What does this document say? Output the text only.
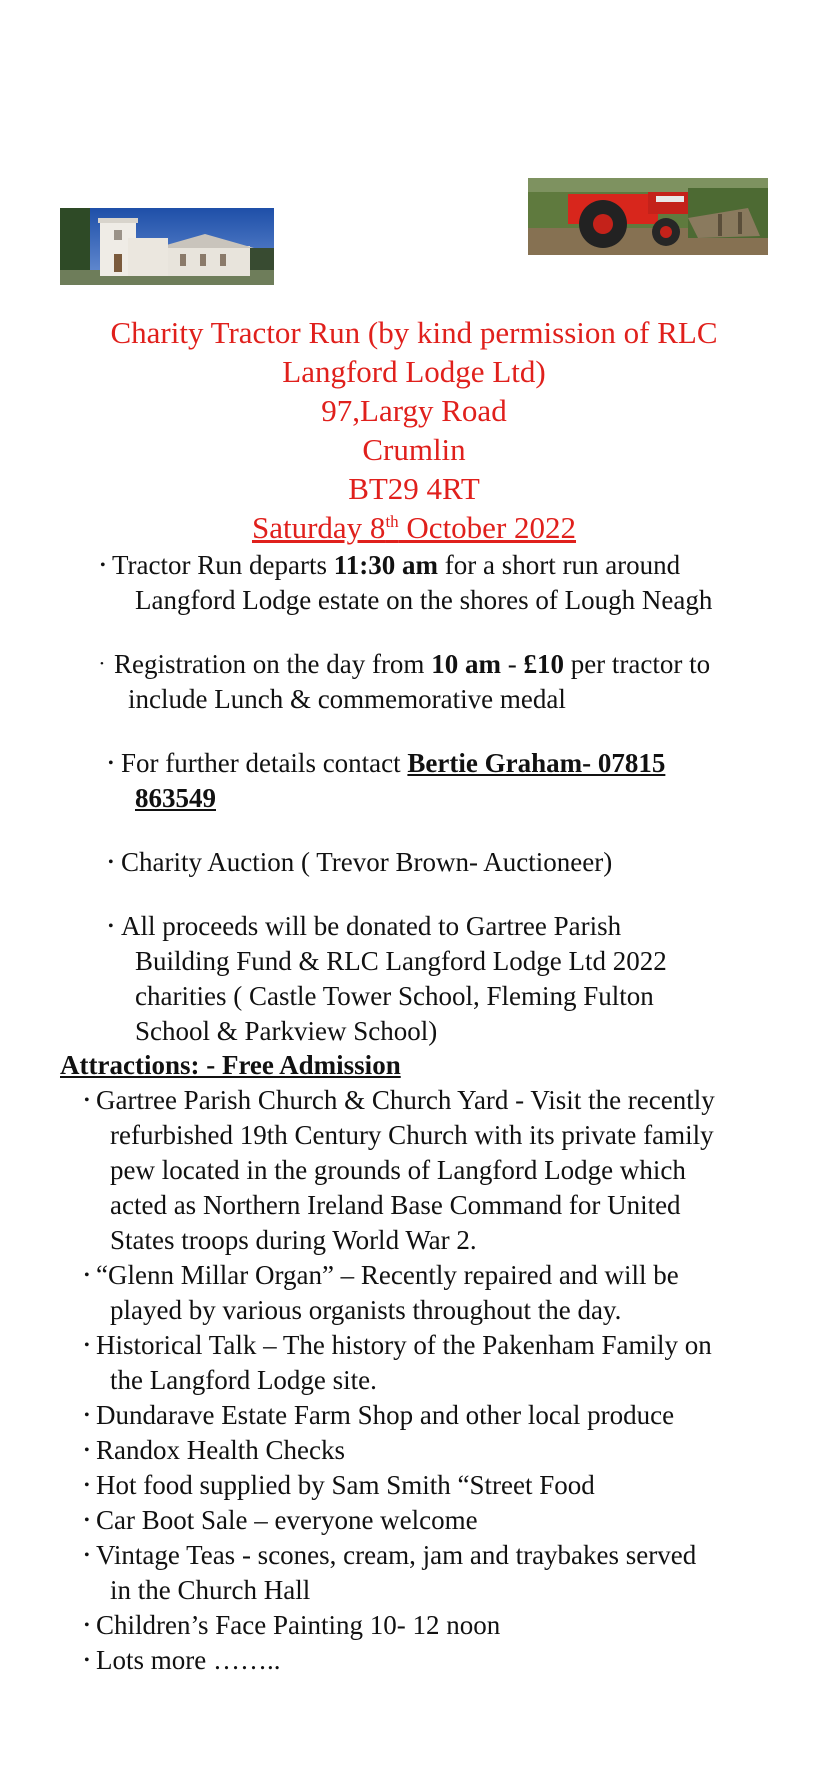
Charity Tractor Run (by kind permission of RLC
Langford Lodge Ltd)
97,Largy Road
Crumlin
BT29 4RT
Saturday 8th October 2022
• Tractor Run departs 11:30 am for a short run around
Langford Lodge estate on the shores of Lough Neagh
• Registration on the day from 10 am - £10 per tractor to
include Lunch & commemorative medal
• For further details contact Bertie Graham- 07815
863549
• Charity Auction ( Trevor Brown- Auctioneer)
• All proceeds will be donated to Gartree Parish
Building Fund & RLC Langford Lodge Ltd 2022
charities ( Castle Tower School, Fleming Fulton
School & Parkview School)
Attractions: - Free Admission
• Gartree Parish Church & Church Yard - Visit the recently
refurbished 19th Century Church with its private family
pew located in the grounds of Langford Lodge which
acted as Northern Ireland Base Command for United
States troops during World War 2.
• “Glenn Millar Organ” – Recently repaired and will be
played by various organists throughout the day.
• Historical Talk – The history of the Pakenham Family on
the Langford Lodge site.
• Dundarave Estate Farm Shop and other local produce
• Randox Health Checks
• Hot food supplied by Sam Smith “Street Food
• Car Boot Sale – everyone welcome
• Vintage Teas - scones, cream, jam and traybakes served
in the Church Hall
• Children’s Face Painting 10- 12 noon
• Lots more ……..
